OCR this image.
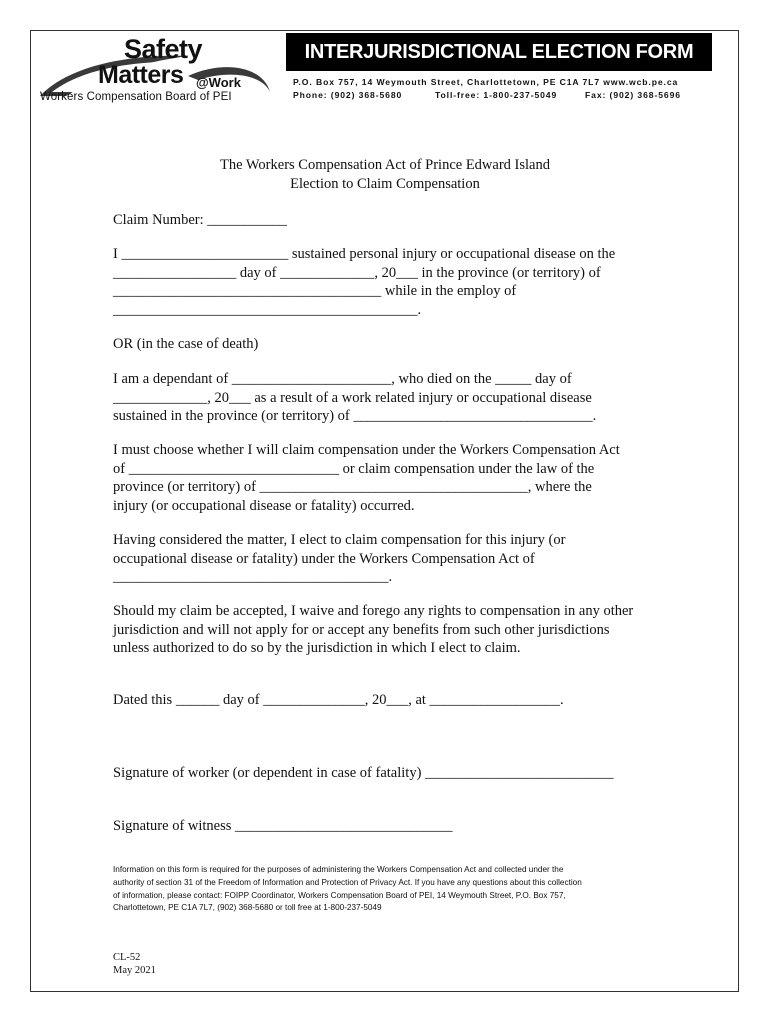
Safety
Matters @Work
Workers Compensation Board of PEI
INTERJURISDICTIONAL ELECTION FORM
P.O. Box 757, 14 Weymouth Street, Charlottetown, PE C1A 7L7 www.wcb.pe.ca
Phone: (902) 368-5680	Toll-free: 1-800-237-5049	Fax: (902) 368-5696
The Workers Compensation Act of Prince Edward Island
Election to Claim Compensation
Claim Number: ___________
I _______________________ sustained personal injury or occupational disease on the
_________________ day of _____________, 20___ in the province (or territory) of
_____________________________________ while in the employ of
__________________________________________.
OR (in the case of death)
I am a dependant of ______________________, who died on the _____ day of
_____________, 20___ as a result of a work related injury or occupational disease
sustained in the province (or territory) of _________________________________.
I must choose whether I will claim compensation under the Workers Compensation Act
of _____________________________ or claim compensation under the law of the
province (or territory) of _____________________________________, where the
injury (or occupational disease or fatality) occurred.
Having considered the matter, I elect to claim compensation for this injury (or
occupational disease or fatality) under the Workers Compensation Act of
______________________________________.
Should my claim be accepted, I waive and forego any rights to compensation in any other
jurisdiction and will not apply for or accept any benefits from such other jurisdictions
unless authorized to do so by the jurisdiction in which I elect to claim.
Dated this ______ day of ______________, 20___, at __________________.
Signature of worker (or dependent in case of fatality) __________________________
Signature of witness ______________________________
Information on this form is required for the purposes of administering the Workers Compensation Act and collected under the
authority of section 31 of the Freedom of Information and Protection of Privacy Act. If you have any questions about this collection
of information, please contact: FOIPP Coordinator, Workers Compensation Board of PEI, 14 Weymouth Street, P.O. Box 757,
Charlottetown, PE C1A 7L7, (902) 368-5680 or toll free at 1-800-237-5049
CL-52
May 2021
